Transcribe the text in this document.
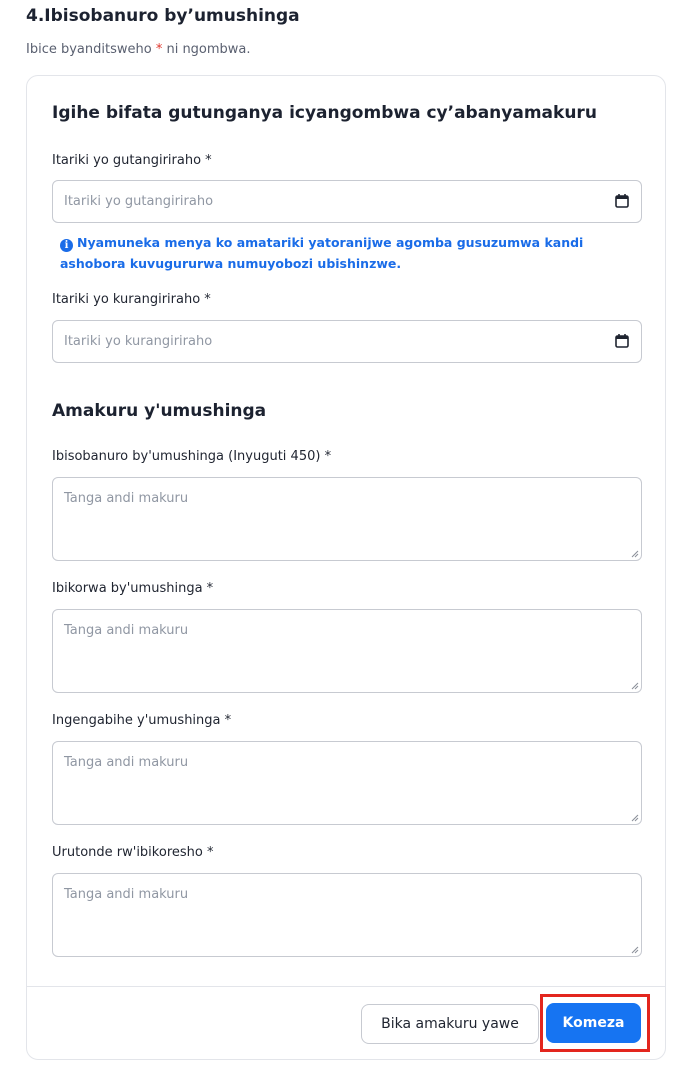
4.Ibisobanuro by’umushinga
Ibice byanditsweho * ni ngombwa.
Igihe bifata gutunganya icyangombwa cy’abanyamakuru
Itariki yo gutangiriraho *
Itariki yo gutangiriraho
i Nyamuneka menya ko amatariki yatoranijwe agomba gusuzumwa kandi ashobora kuvugururwa numuyobozi ubishinzwe.
Itariki yo kurangiriraho *
Itariki yo kurangiriraho
Amakuru y'umushinga
Ibisobanuro by'umushinga (Inyuguti 450) *
Tanga andi makuru
Ibikorwa by'umushinga *
Tanga andi makuru
Ingengabihe y'umushinga *
Tanga andi makuru
Urutonde rw'ibikoresho *
Tanga andi makuru
Bika amakuru yawe	Komeza
